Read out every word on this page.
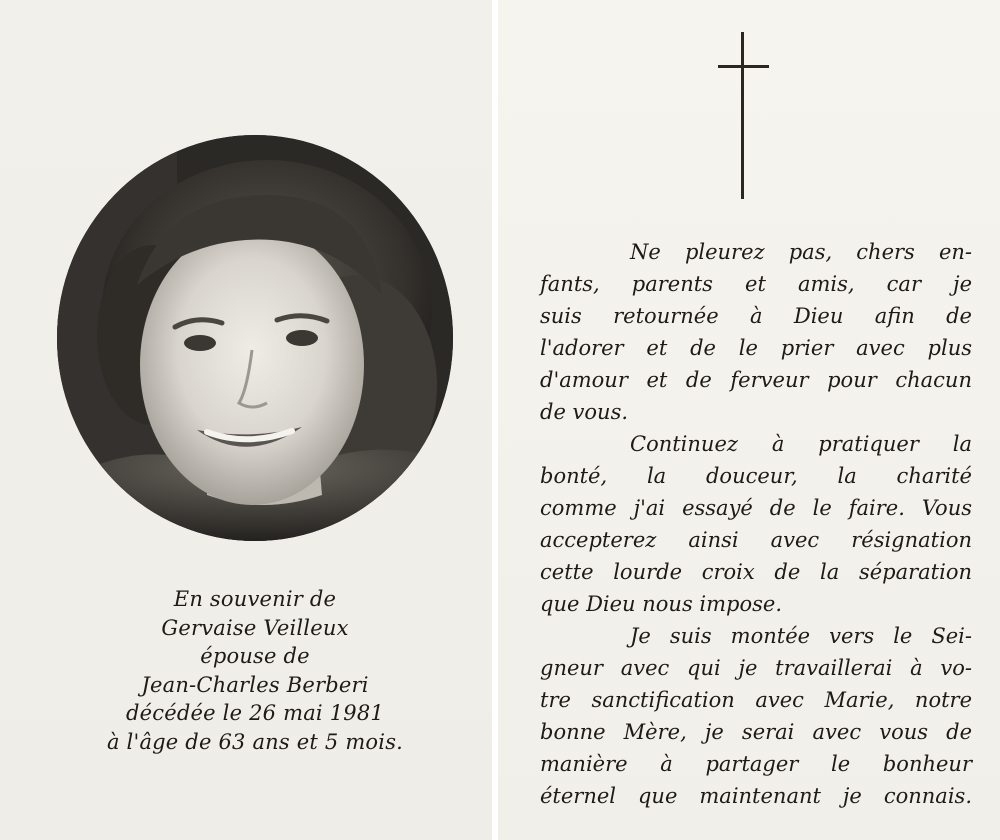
En souvenir de
Gervaise Veilleux
épouse de
Jean-Charles Berberi
décédée le 26 mai 1981
à l'âge de 63 ans et 5 mois.
Ne pleurez pas, chers en-
fants, parents et amis, car je
suis retournée à Dieu afin de
l'adorer et de le prier avec plus
d'amour et de ferveur pour chacun
de vous.
Continuez à pratiquer la
bonté, la douceur, la charité
comme j'ai essayé de le faire. Vous
accepterez ainsi avec résignation
cette lourde croix de la séparation
que Dieu nous impose.
Je suis montée vers le Sei-
gneur avec qui je travaillerai à vo-
tre sanctification avec Marie, notre
bonne Mère, je serai avec vous de
manière à partager le bonheur
éternel que maintenant je connais.
